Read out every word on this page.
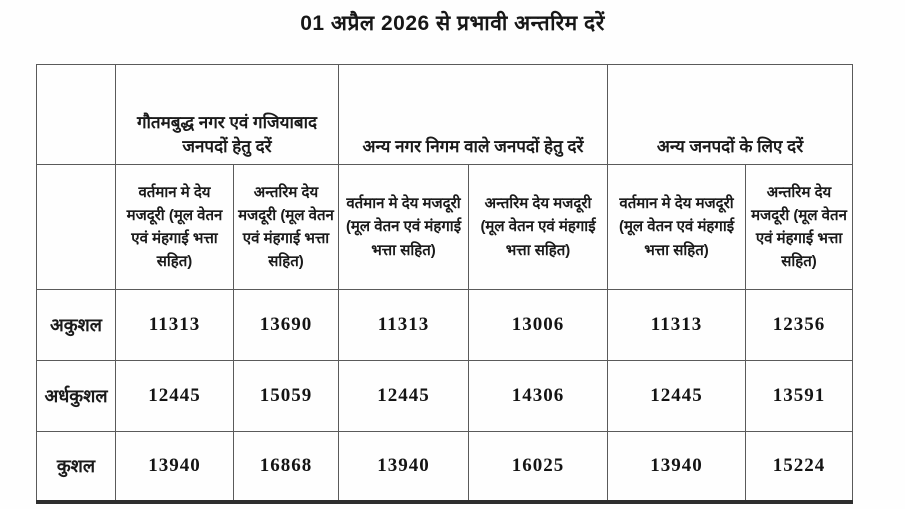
01 अप्रैल 2026 से प्रभावी अन्तरिम दरें
	गौतमबुद्ध नगर एवं गजियाबाद जनपदों हेतु दरें		अन्य नगर निगम वाले जनपदों हेतु दरें		अन्य जनपदों के लिए दरें	
	वर्तमान मे देय मजदूरी (मूल वेतन एवं मंहगाई भत्ता सहित)	अन्तरिम देय मजदूरी (मूल वेतन एवं मंहगाई भत्ता सहित)	वर्तमान मे देय मजदूरी (मूल वेतन एवं मंहगाई भत्ता सहित)	अन्तरिम देय मजदूरी (मूल वेतन एवं मंहगाई भत्ता सहित)	वर्तमान मे देय मजदूरी (मूल वेतन एवं मंहगाई भत्ता सहित)	अन्तरिम देय मजदूरी (मूल वेतन एवं मंहगाई भत्ता सहित)
अकुशल	11313	13690	11313	13006	11313	12356
अर्धकुशल	12445	15059	12445	14306	12445	13591
कुशल	13940	16868	13940	16025	13940	15224
